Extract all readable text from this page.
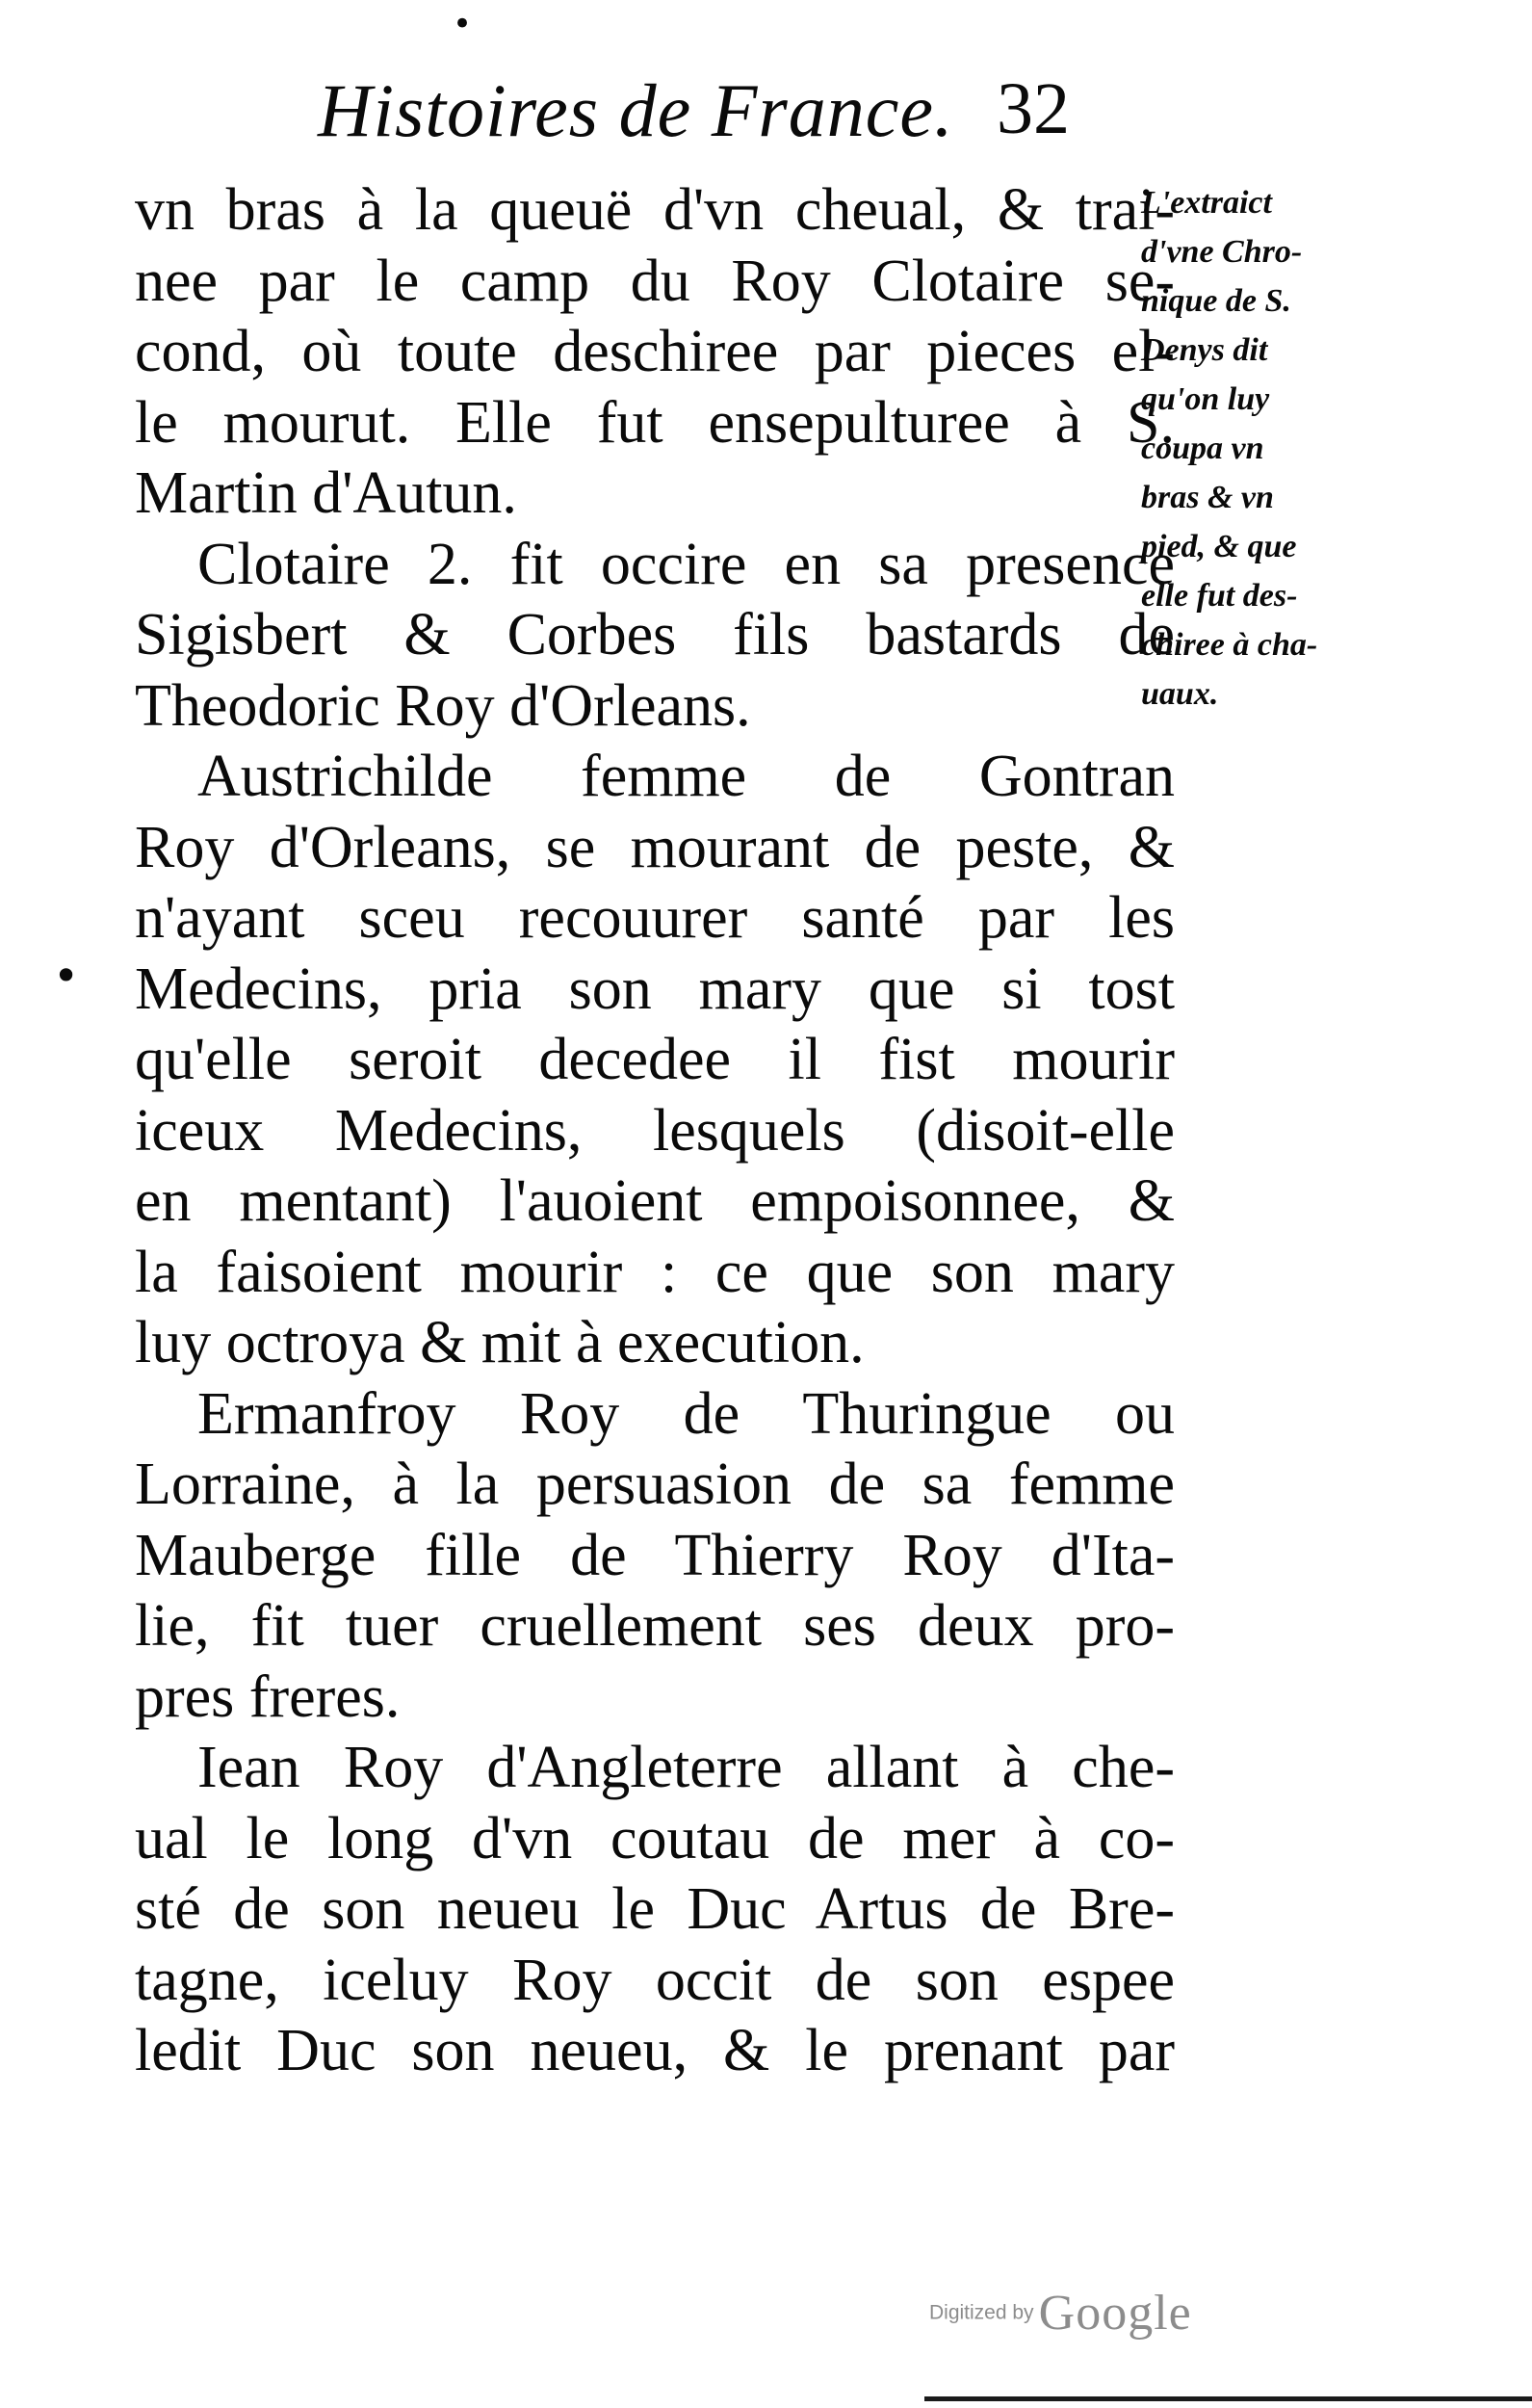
•
Histoires de France. 32
vn bras à la queuë d'vn cheual, & trai-
nee par le camp du Roy Clotaire se-
cond, où toute deschiree par pieces el-
le mourut. Elle fut ensepulturee à S.
Martin d'Autun.
Clotaire 2. fit occire en sa presence
Sigisbert & Corbes fils bastards de
Theodoric Roy d'Orleans.
Austrichilde femme de Gontran
Roy d'Orleans, se mourant de peste, &
n'ayant sceu recouurer santé par les
Medecins, pria son mary que si tost
qu'elle seroit decedee il fist mourir
iceux Medecins, lesquels (disoit-elle
en mentant) l'auoient empoisonnee, &
la faisoient mourir : ce que son mary
luy octroya & mit à execution.
Ermanfroy Roy de Thuringue ou
Lorraine, à la persuasion de sa femme
Mauberge fille de Thierry Roy d'Ita-
lie, fit tuer cruellement ses deux pro-
pres freres.
Iean Roy d'Angleterre allant à che-
ual le long d'vn coutau de mer à co-
sté de son neueu le Duc Artus de Bre-
tagne, iceluy Roy occit de son espee
ledit Duc son neueu, & le prenant par
L'extraict
d'vne Chro-
nique de S.
Denys dit
qu'on luy
coupa vn
bras & vn
pied, & que
elle fut des-
chiree à cha-
uaux.
•
Digitized by Google
